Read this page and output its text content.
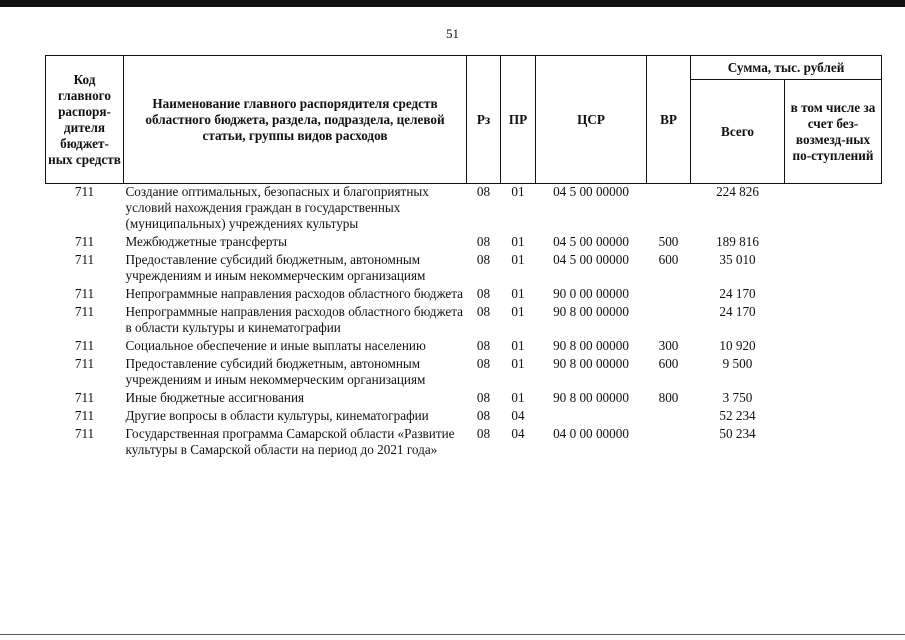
51
Код главного распоря-дителя бюджет-ных средств	Наименование главного распорядителя средств областного бюджета, раздела, подраздела, целевой статьи, группы видов расходов	Рз	ПР	ЦСР	ВР	Сумма, тыс. рублей	
						Всего	в том числе за счет без-возмезд-ных по-ступлений
711	Создание оптимальных, безопасных и благоприятных условий нахождения граждан в государственных (муниципальных) учреждениях культуры	08	01	04 5 00 00000		224 826	
711	Межбюджетные трансферты	08	01	04 5 00 00000	500	189 816	
711	Предоставление субсидий бюджетным, автономным учреждениям и иным некоммерческим организациям	08	01	04 5 00 00000	600	35 010	
711	Непрограммные направления расходов областного бюджета	08	01	90 0 00 00000		24 170	
711	Непрограммные направления расходов областного бюджета в области культуры и кинематографии	08	01	90 8 00 00000		24 170	
711	Социальное обеспечение и иные выплаты населению	08	01	90 8 00 00000	300	10 920	
711	Предоставление субсидий бюджетным, автономным учреждениям и иным некоммерческим организациям	08	01	90 8 00 00000	600	9 500	
711	Иные бюджетные ассигнования	08	01	90 8 00 00000	800	3 750	
711	Другие вопросы в области культуры, кинематографии	08	04			52 234	
711	Государственная программа Самарской области «Развитие культуры в Самарской области на период до 2021 года»	08	04	04 0 00 00000		50 234	
